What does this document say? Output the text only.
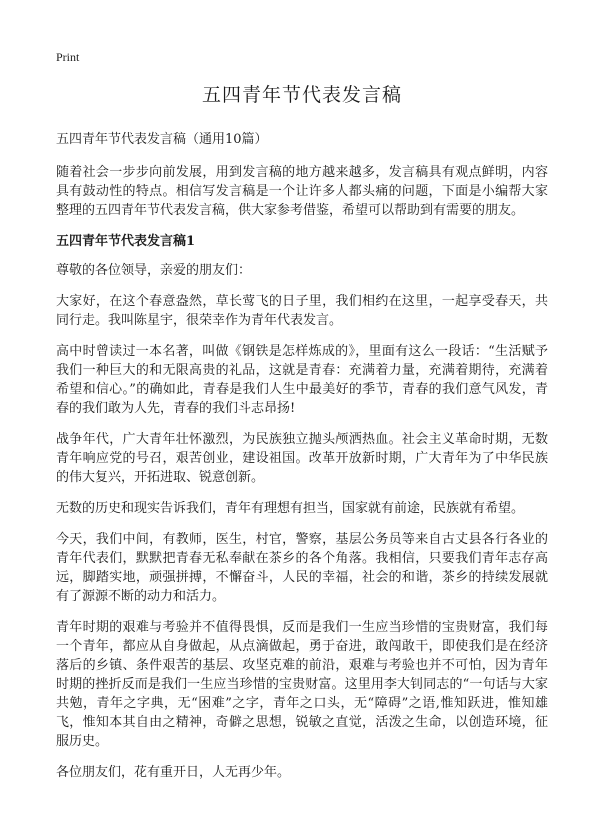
Print
五四青年节代表发言稿
五四青年节代表发言稿（通用10篇）

随着社会一步步向前发展，用到发言稿的地方越来越多，发言稿具有观点鲜明，内容具有鼓动性的特点。相信写发言稿是一个让许多人都头痛的问题，下面是小编帮大家整理的五四青年节代表发言稿，供大家参考借鉴，希望可以帮助到有需要的朋友。

五四青年节代表发言稿1

尊敬的各位领导，亲爱的朋友们：

大家好，在这个春意盎然，草长莺飞的日子里，我们相约在这里，一起享受春天，共同行走。我叫陈星宇，很荣幸作为青年代表发言。

高中时曾读过一本名著，叫做《钢铁是怎样炼成的》，里面有这么一段话：“生活赋予我们一种巨大的和无限高贵的礼品，这就是青春：充满着力量，充满着期待，充满着希望和信心。”的确如此，青春是我们人生中最美好的季节，青春的我们意气风发，青春的我们敢为人先，青春的我们斗志昂扬!

战争年代，广大青年壮怀激烈，为民族独立抛头颅洒热血。社会主义革命时期，无数青年响应党的号召，艰苦创业，建设祖国。改革开放新时期，广大青年为了中华民族的伟大复兴，开拓进取、锐意创新。

无数的历史和现实告诉我们，青年有理想有担当，国家就有前途，民族就有希望。

今天，我们中间，有教师，医生，村官，警察，基层公务员等来自古丈县各行各业的青年代表们，默默把青春无私奉献在茶乡的各个角落。我相信，只要我们青年志存高远，脚踏实地，顽强拼搏，不懈奋斗，人民的幸福，社会的和谐，茶乡的持续发展就有了源源不断的动力和活力。

青年时期的艰难与考验并不值得畏惧，反而是我们一生应当珍惜的宝贵财富，我们每一个青年，都应从自身做起，从点滴做起，勇于奋进，敢闯敢干，即使我们是在经济落后的乡镇、条件艰苦的基层、攻坚克难的前沿，艰难与考验也并不可怕，因为青年时期的挫折反而是我们一生应当珍惜的宝贵财富。这里用李大钊同志的“一句话与大家共勉，青年之字典，无“困难”之字，青年之口头，无“障碍”之语,惟知跃进，惟知雄飞，惟知本其自由之精神，奇僻之思想，锐敏之直觉，活泼之生命，以创造环境，征服历史。

各位朋友们，花有重开日，人无再少年。
